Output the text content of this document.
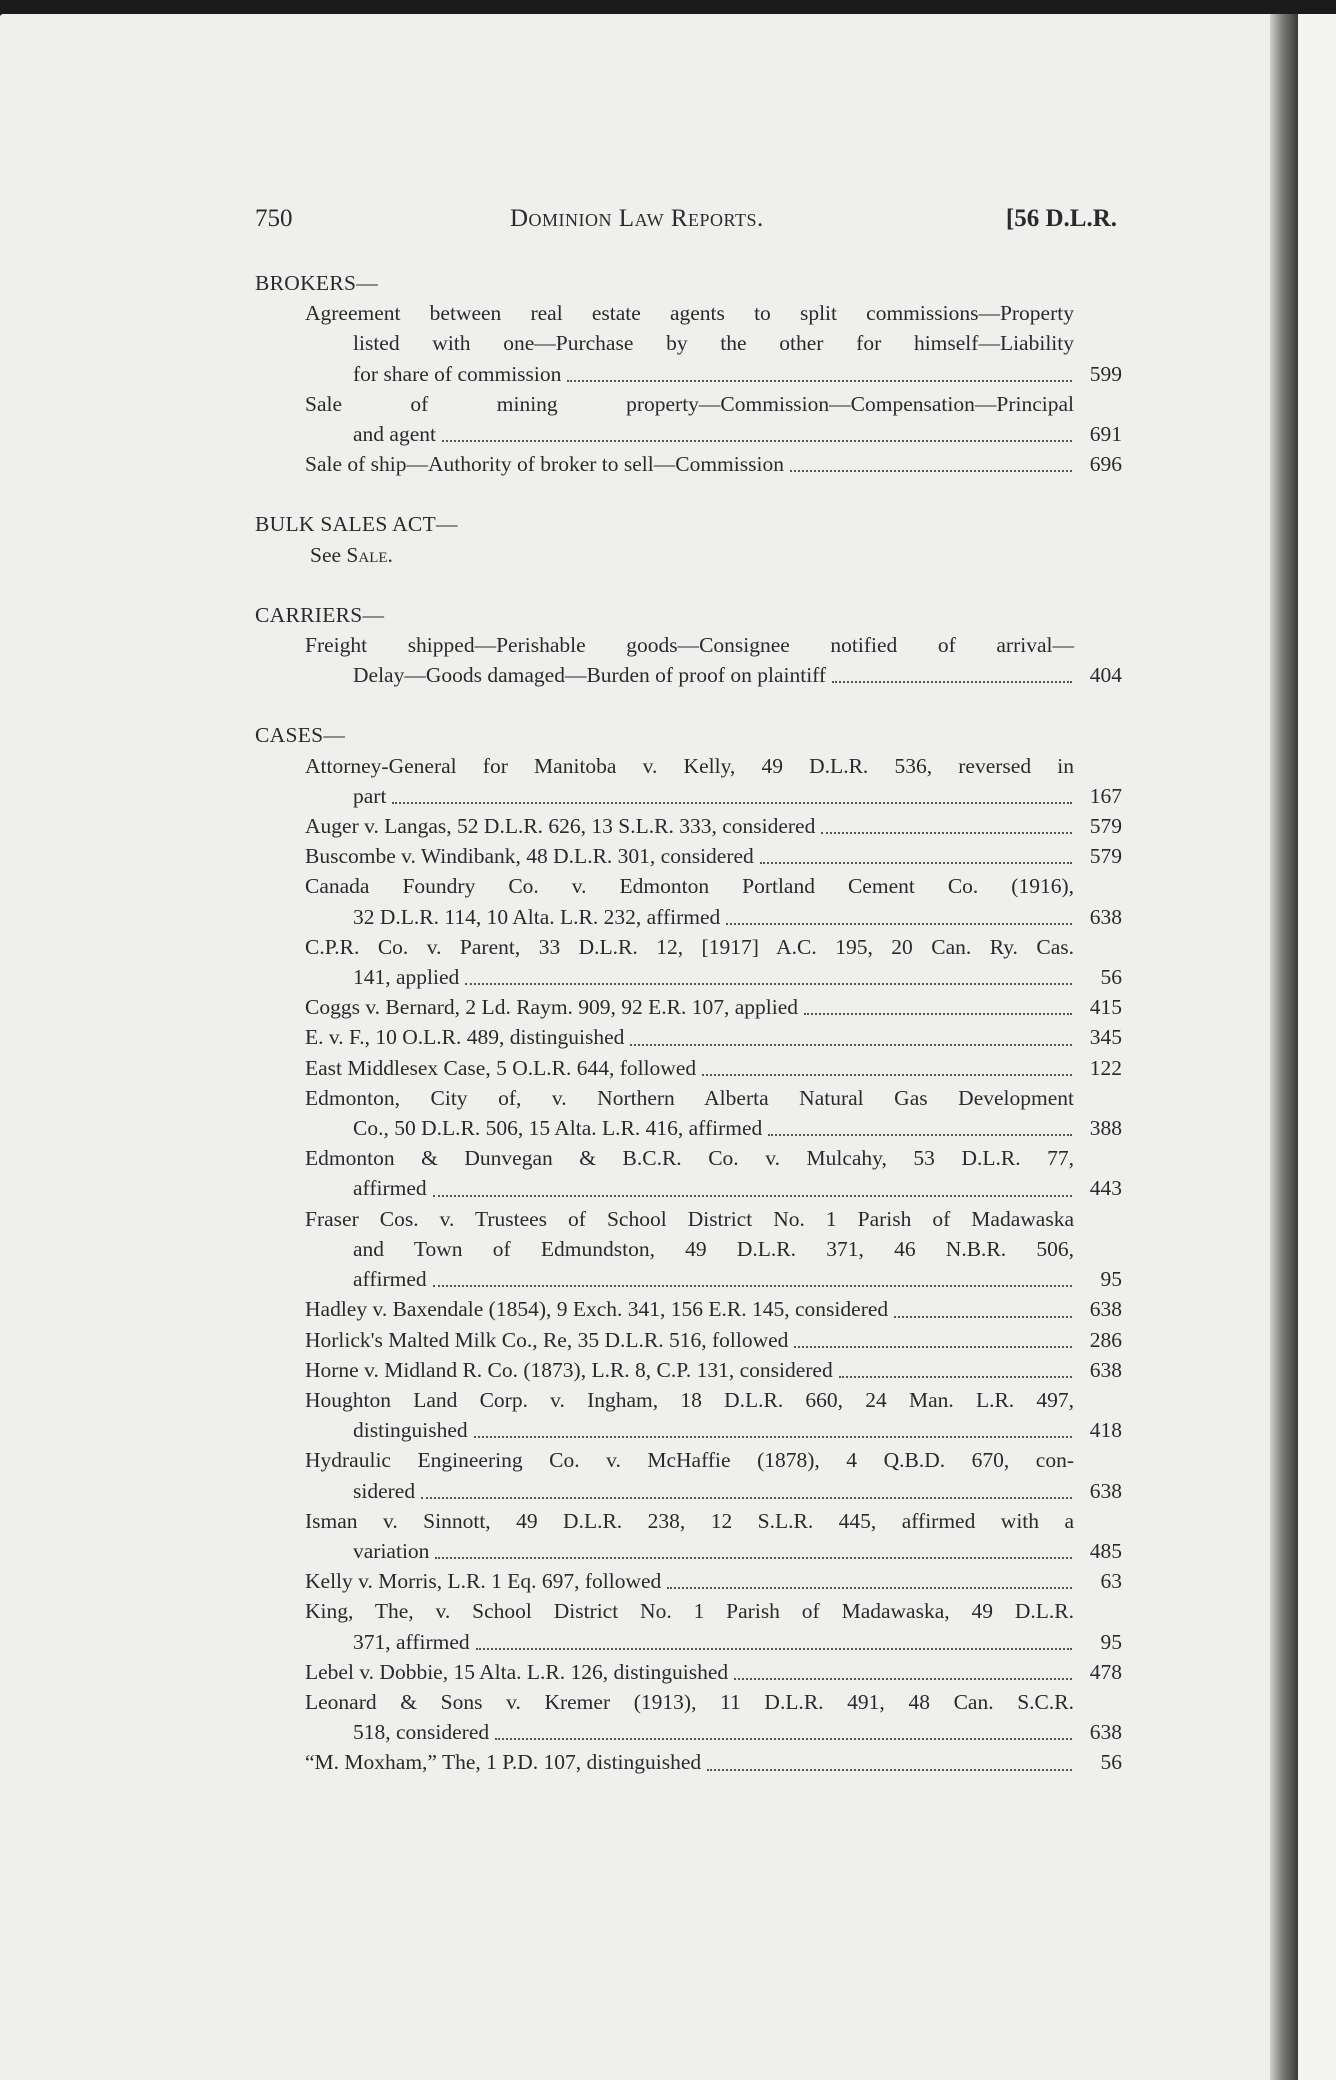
750	Dominion Law Reports.	[56 D.L.R.
BROKERS—
Agreement between real estate agents to split commissions—Property
listed with one—Purchase by the other for himself—Liability
for share of commission	599
Sale of mining property—Commission—Compensation—Principal
and agent	691
Sale of ship—Authority of broker to sell—Commission	696
BULK SALES ACT—
See Sale.
CARRIERS—
Freight shipped—Perishable goods—Consignee notified of arrival—
Delay—Goods damaged—Burden of proof on plaintiff	404
CASES—
Attorney-General for Manitoba v. Kelly, 49 D.L.R. 536, reversed in
part	167
Auger v. Langas, 52 D.L.R. 626, 13 S.L.R. 333, considered	579
Buscombe v. Windibank, 48 D.L.R. 301, considered	579
Canada Foundry Co. v. Edmonton Portland Cement Co. (1916),
32 D.L.R. 114, 10 Alta. L.R. 232, affirmed	638
C.P.R. Co. v. Parent, 33 D.L.R. 12, [1917] A.C. 195, 20 Can. Ry. Cas.
141, applied	56
Coggs v. Bernard, 2 Ld. Raym. 909, 92 E.R. 107, applied	415
E. v. F., 10 O.L.R. 489, distinguished	345
East Middlesex Case, 5 O.L.R. 644, followed	122
Edmonton, City of, v. Northern Alberta Natural Gas Development
Co., 50 D.L.R. 506, 15 Alta. L.R. 416, affirmed	388
Edmonton & Dunvegan & B.C.R. Co. v. Mulcahy, 53 D.L.R. 77,
affirmed	443
Fraser Cos. v. Trustees of School District No. 1 Parish of Madawaska
and Town of Edmundston, 49 D.L.R. 371, 46 N.B.R. 506,
affirmed	95
Hadley v. Baxendale (1854), 9 Exch. 341, 156 E.R. 145, considered	638
Horlick's Malted Milk Co., Re, 35 D.L.R. 516, followed	286
Horne v. Midland R. Co. (1873), L.R. 8, C.P. 131, considered	638
Houghton Land Corp. v. Ingham, 18 D.L.R. 660, 24 Man. L.R. 497,
distinguished	418
Hydraulic Engineering Co. v. McHaffie (1878), 4 Q.B.D. 670, con-
sidered	638
Isman v. Sinnott, 49 D.L.R. 238, 12 S.L.R. 445, affirmed with a
variation	485
Kelly v. Morris, L.R. 1 Eq. 697, followed	63
King, The, v. School District No. 1 Parish of Madawaska, 49 D.L.R.
371, affirmed	95
Lebel v. Dobbie, 15 Alta. L.R. 126, distinguished	478
Leonard & Sons v. Kremer (1913), 11 D.L.R. 491, 48 Can. S.C.R.
518, considered	638
“M. Moxham,” The, 1 P.D. 107, distinguished	56
